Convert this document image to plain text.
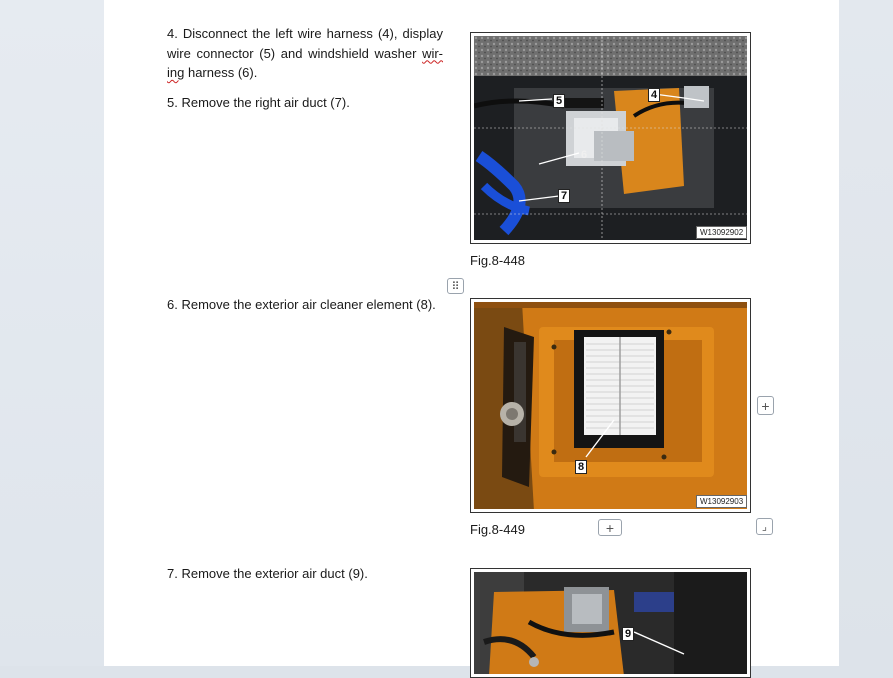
4. Disconnect the left wire harness (4), display wire connector (5) and windshield washer wir-ing harness (6).

5. Remove the right air duct (7).	5	4
6
7
W13092902
Fig.8-448
⠿

6. Remove the exterior air cleaner element (8).

8
W13092903
+
Fig.8-449	+	⌟

7. Remove the exterior air duct (9).

9
